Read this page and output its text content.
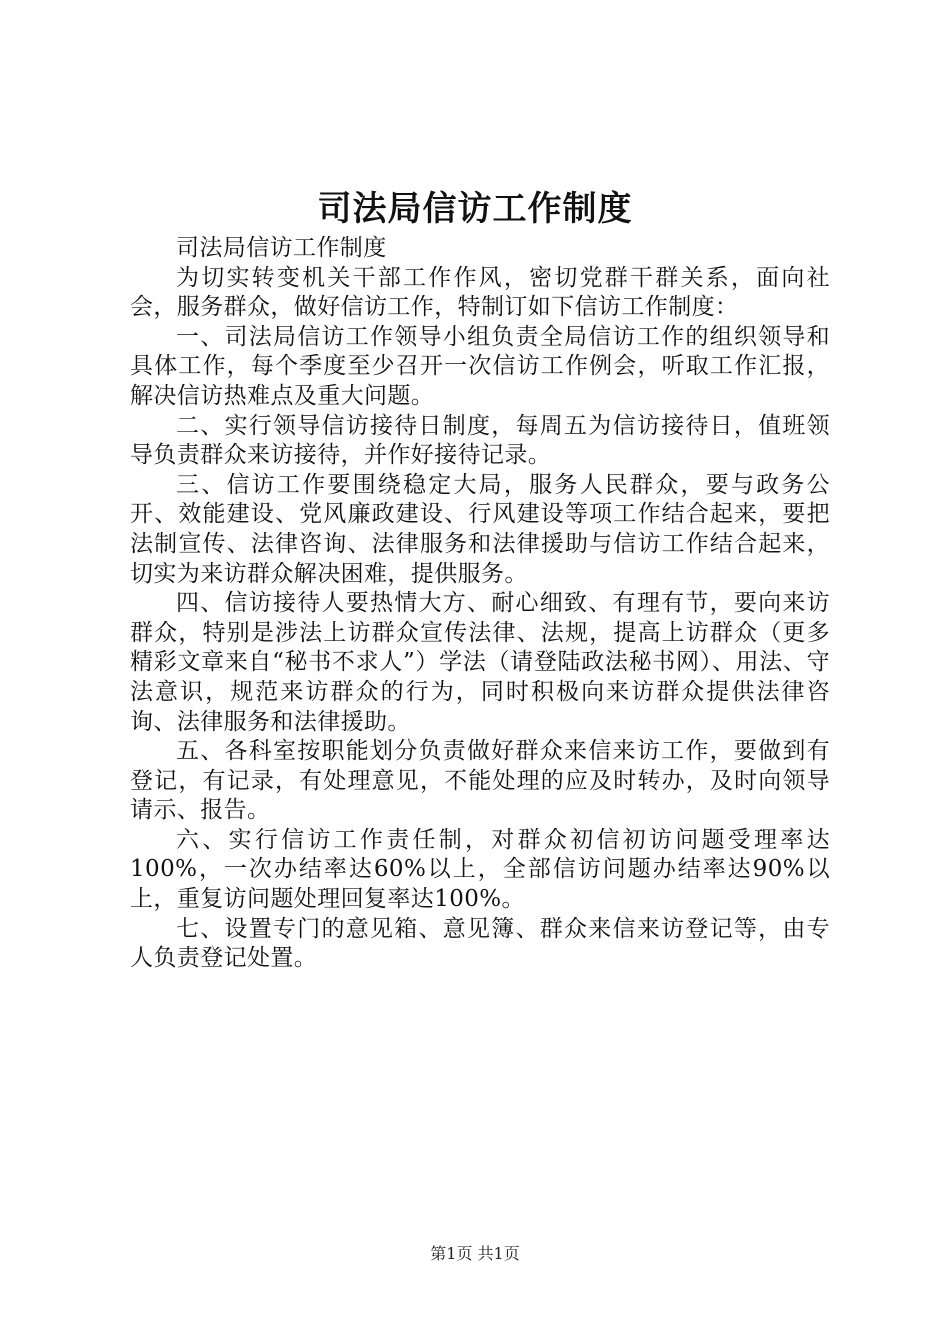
司法局信访工作制度

司法局信访工作制度

为切实转变机关干部工作作风，密切党群干群关系，面向社会，服务群众，做好信访工作，特制订如下信访工作制度：

一、司法局信访工作领导小组负责全局信访工作的组织领导和具体工作，每个季度至少召开一次信访工作例会，听取工作汇报，解决信访热难点及重大问题。

二、实行领导信访接待日制度，每周五为信访接待日，值班领导负责群众来访接待，并作好接待记录。

三、信访工作要围绕稳定大局，服务人民群众，要与政务公开、效能建设、党风廉政建设、行风建设等项工作结合起来，要把法制宣传、法律咨询、法律服务和法律援助与信访工作结合起来，切实为来访群众解决困难，提供服务。

四、信访接待人要热情大方、耐心细致、有理有节，要向来访群众，特别是涉法上访群众宣传法律、法规，提高上访群众（更多精彩文章来自“秘书不求人”）学法（请登陆政法秘书网）、用法、守法意识，规范来访群众的行为，同时积极向来访群众提供法律咨询、法律服务和法律援助。

五、各科室按职能划分负责做好群众来信来访工作，要做到有登记，有记录，有处理意见，不能处理的应及时转办，及时向领导请示、报告。

六、实行信访工作责任制，对群众初信初访问题受理率达100%，一次办结率达60%以上，全部信访问题办结率达90%以上，重复访问题处理回复率达100%。

七、设置专门的意见箱、意见簿、群众来信来访登记等，由专人负责登记处置。

第1页 共1页
